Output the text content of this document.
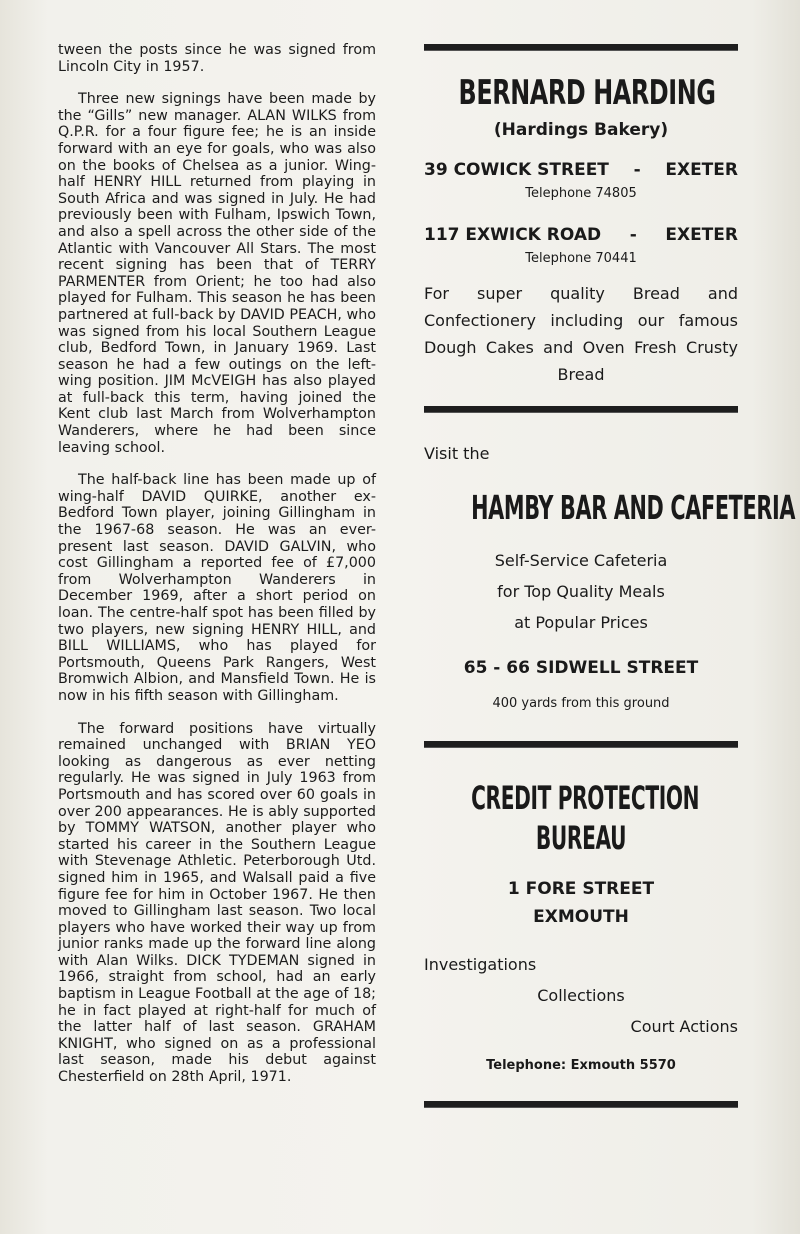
tween the posts since he was signed from Lincoln City in 1957.

Three new signings have been made by the “Gills” new manager. ALAN WILKS from Q.P.R. for a four figure fee; he is an inside forward with an eye for goals, who was also on the books of Chelsea as a junior. Wing-half HENRY HILL returned from playing in South Africa and was signed in July. He had previously been with Fulham, Ipswich Town, and also a spell across the other side of the Atlantic with Vancouver All Stars. The most recent signing has been that of TERRY PARMENTER from Orient; he too had also played for Fulham. This season he has been partnered at full-back by DAVID PEACH, who was signed from his local Southern League club, Bedford Town, in January 1969. Last season he had a few outings on the left-wing position. JIM McVEIGH has also played at full-back this term, having joined the Kent club last March from Wolverhampton Wanderers, where he had been since leaving school.

The half-back line has been made up of wing-half DAVID QUIRKE, another ex-Bedford Town player, joining Gillingham in the 1967-68 season. He was an ever-present last season. DAVID GALVIN, who cost Gillingham a reported fee of £7,000 from Wolverhampton Wanderers in December 1969, after a short period on loan. The centre-half spot has been filled by two players, new signing HENRY HILL, and BILL WILLIAMS, who has played for Portsmouth, Queens Park Rangers, West Bromwich Albion, and Mansfield Town. He is now in his fifth season with Gillingham.

The forward positions have virtually remained unchanged with BRIAN YEO looking as dangerous as ever netting regularly. He was signed in July 1963 from Portsmouth and has scored over 60 goals in over 200 appearances. He is ably supported by TOMMY WATSON, another player who started his career in the Southern League with Stevenage Athletic. Peterborough Utd. signed him in 1965, and Walsall paid a five figure fee for him in October 1967. He then moved to Gillingham last season. Two local players who have worked their way up from junior ranks made up the forward line along with Alan Wilks. DICK TYDEMAN signed in 1966, straight from school, had an early baptism in League Football at the age of 18; he in fact played at right-half for much of the latter half of last season. GRAHAM KNIGHT, who signed on as a professional last season, made his debut against Chesterfield on 28th April, 1971.

BERNARD HARDING
(Hardings Bakery)
39 COWICK STREET - EXETER
Telephone 74805
117 EXWICK ROAD - EXETER
Telephone 70441
For super quality Bread and Confectionery including our famous Dough Cakes and Oven Fresh Crusty Bread
Visit the
HAMBY BAR AND CAFETERIA
Self-Service Cafeteria
for Top Quality Meals
at Popular Prices
65 - 66 SIDWELL STREET
400 yards from this ground
CREDIT PROTECTION
BUREAU
1 FORE STREET
EXMOUTH
Investigations
Collections
Court Actions
Telephone: Exmouth 5570
